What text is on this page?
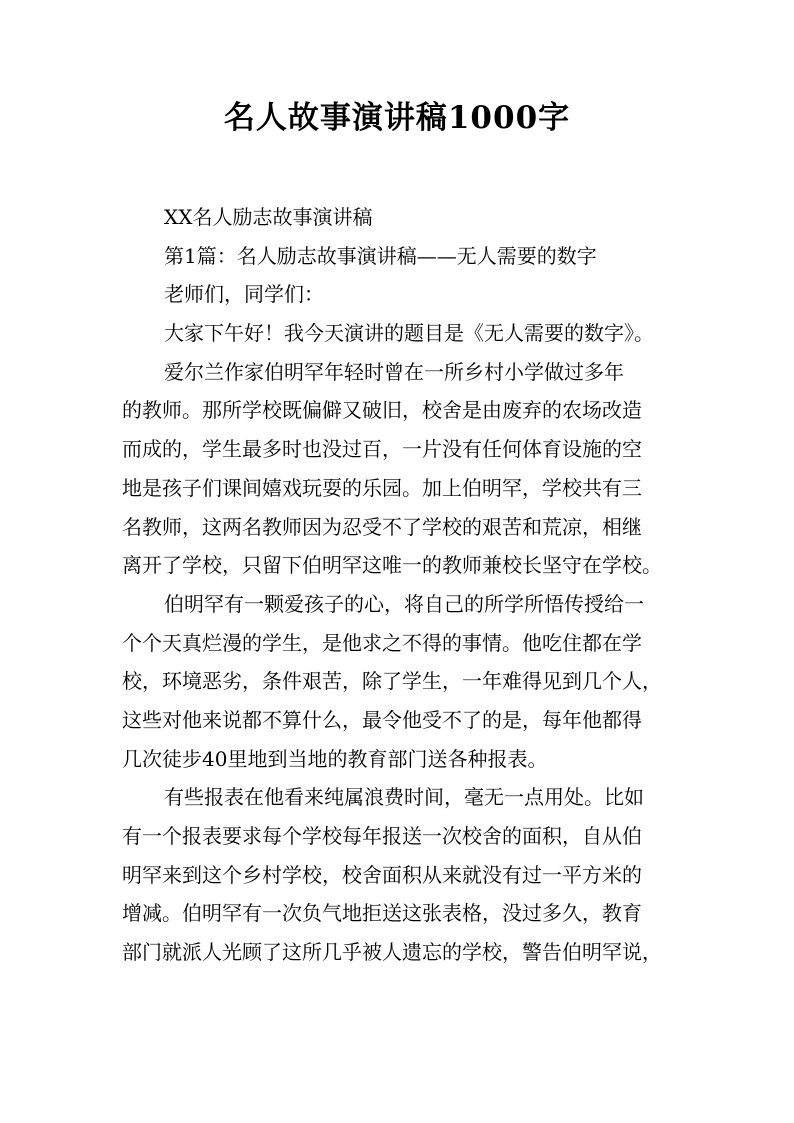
名人故事演讲稿1000字
XX名人励志故事演讲稿
第1篇：名人励志故事演讲稿——无人需要的数字
老师们，同学们：
大家下午好！我今天演讲的题目是《无人需要的数字》。
爱尔兰作家伯明罕年轻时曾在一所乡村小学做过多年
的教师。那所学校既偏僻又破旧，校舍是由废弃的农场改造
而成的，学生最多时也没过百，一片没有任何体育设施的空
地是孩子们课间嬉戏玩耍的乐园。加上伯明罕，学校共有三
名教师，这两名教师因为忍受不了学校的艰苦和荒凉，相继
离开了学校，只留下伯明罕这唯一的教师兼校长坚守在学校。
伯明罕有一颗爱孩子的心，将自己的所学所悟传授给一
个个天真烂漫的学生，是他求之不得的事情。他吃住都在学
校，环境恶劣，条件艰苦，除了学生，一年难得见到几个人，
这些对他来说都不算什么，最令他受不了的是，每年他都得
几次徒步40里地到当地的教育部门送各种报表。
有些报表在他看来纯属浪费时间，毫无一点用处。比如
有一个报表要求每个学校每年报送一次校舍的面积，自从伯
明罕来到这个乡村学校，校舍面积从来就没有过一平方米的
增减。伯明罕有一次负气地拒送这张表格，没过多久，教育
部门就派人光顾了这所几乎被人遗忘的学校，警告伯明罕说，
